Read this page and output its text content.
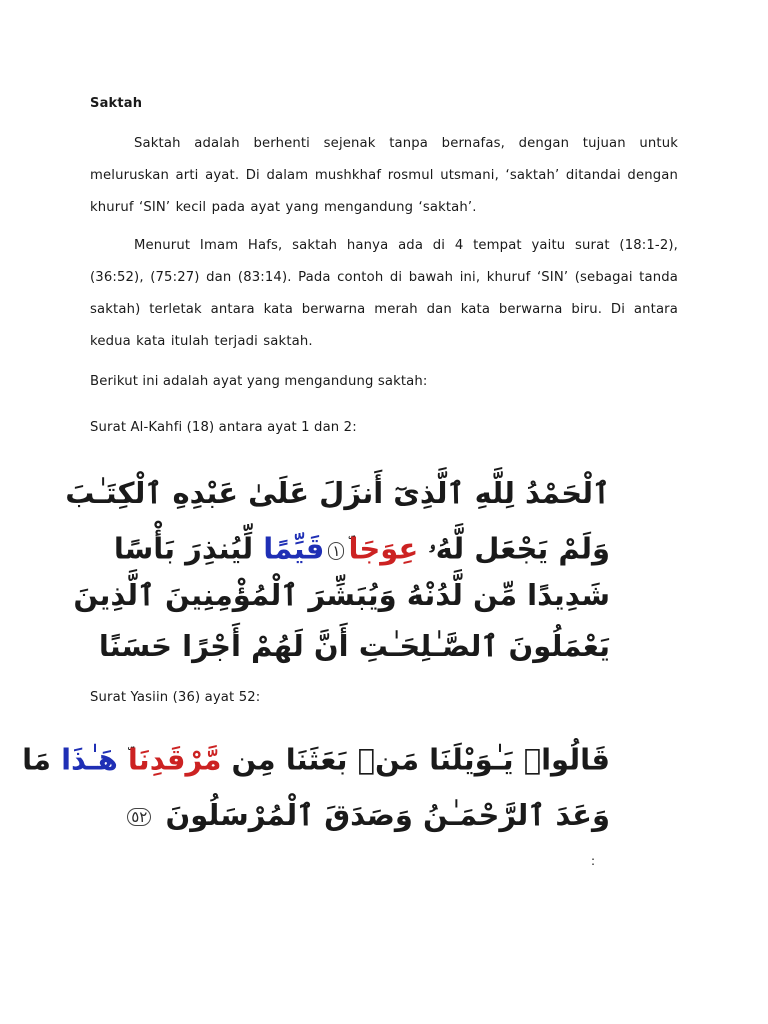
Saktah
Saktah adalah berhenti sejenak tanpa bernafas, dengan tujuan untuk meluruskan arti ayat. Di dalam mushkhaf rosmul utsmani, ‘saktah’ ditandai dengan khuruf ‘SIN’ kecil pada ayat yang mengandung ‘saktah’.
Menurut Imam Hafs, saktah hanya ada di 4 tempat yaitu surat (18:1-2), (36:52), (75:27) dan (83:14). Pada contoh di bawah ini, khuruf ‘SIN’ (sebagai tanda saktah) terletak antara kata berwarna merah dan kata berwarna biru. Di antara kedua kata itulah terjadi saktah.
Berikut ini adalah ayat yang mengandung saktah:
Surat Al-Kahfi (18) antara ayat 1 dan 2:
Surat Yasiin (36) ayat 52:
ٱلْحَمْدُ لِلَّهِ ٱلَّذِىٓ أَنزَلَ عَلَىٰ عَبْدِهِ ٱلْكِتَـٰبَ
وَلَمْ يَجْعَل لَّهُۥ عِوَجَا١قَيِّمًا لِّيُنذِرَ بَأْسًا
شَدِيدًا مِّن لَّدُنْهُ وَيُبَشِّرَ ٱلْمُؤْمِنِينَ ٱلَّذِينَ
يَعْمَلُونَ ٱلصَّـٰلِحَـٰتِ أَنَّ لَهُمْ أَجْرًا حَسَنًا
قَالُوا۟ يَـٰوَيْلَنَا مَنۢ بَعَثَنَا مِن مَّرْقَدِنَا هَـٰذَا مَا
وَعَدَ ٱلرَّحْمَـٰنُ وَصَدَقَ ٱلْمُرْسَلُونَ ٥٢
:
